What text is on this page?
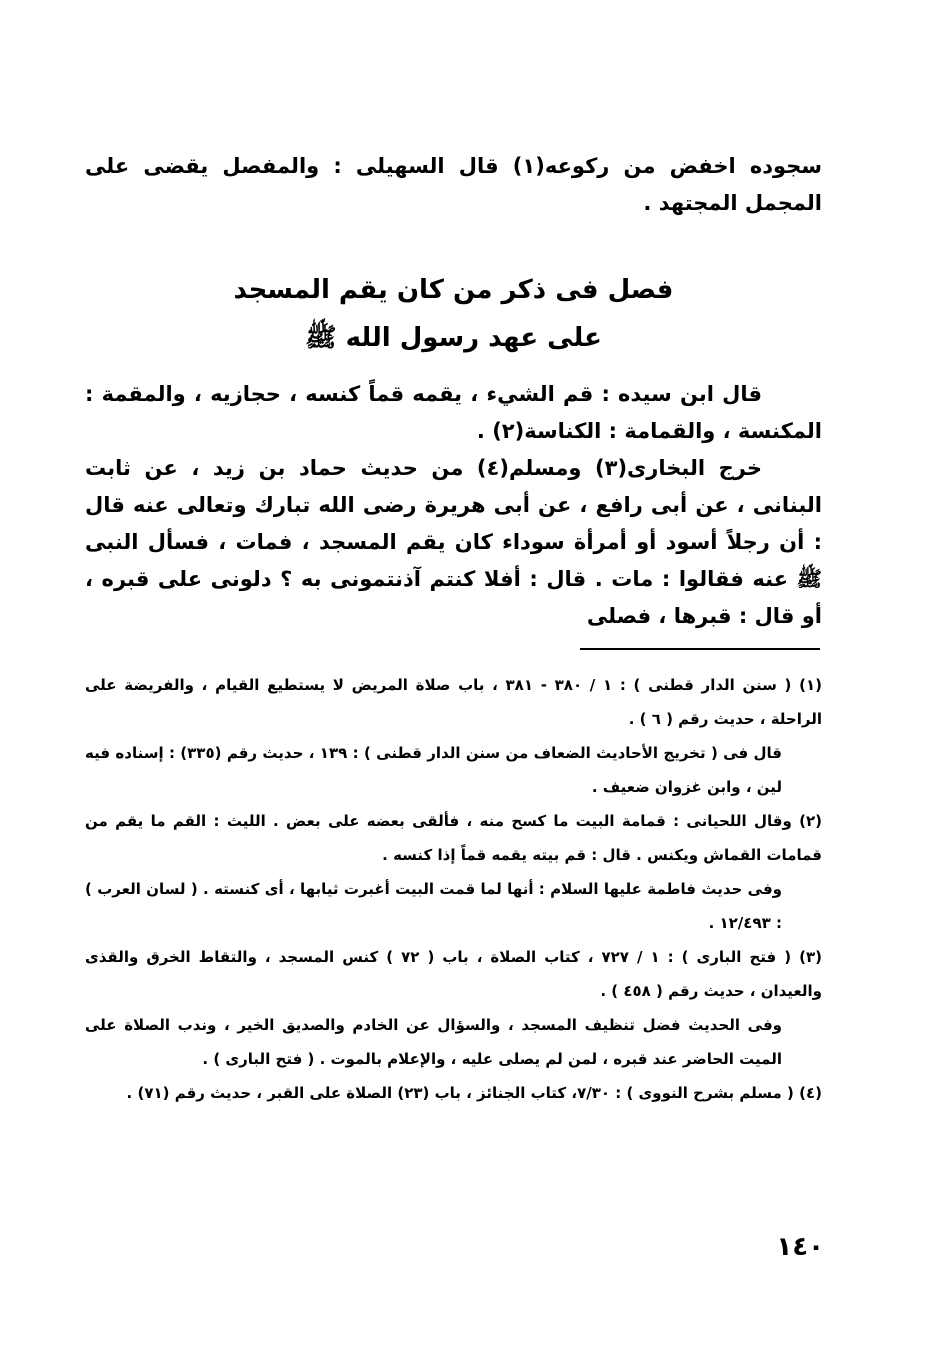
سجوده اخفض من ركوعه(١) قال السهيلى : والمفصل يقضى على المجمل المجتهد .

فصل فى ذكر من كان يقم المسجد
على عهد رسول الله ﷺ

قال ابن سيده : قم الشيء ، يقمه قماً كنسه ، حجازيه ، والمقمة : المكنسة ، والقمامة : الكناسة(٢) .

خرج البخارى(٣) ومسلم(٤) من حديث حماد بن زيد ، عن ثابت البنانى ، عن أبى رافع ، عن أبى هريرة رضى الله تبارك وتعالى عنه قال : أن رجلاً أسود أو أمرأة سوداء كان يقم المسجد ، فمات ، فسأل النبى ﷺ عنه فقالوا : مات . قال : أفلا كنتم آذنتمونى به ؟ دلونى على قبره ، أو قال : قبرها ، فصلى

(١) ( سنن الدار قطنى ) : ١ / ٣٨٠ - ٣٨١ ، باب صلاة المريض لا يستطيع القيام ، والفريضة على الراحلة ، حديث رقم ( ٦ ) .

قال فى ( تخريج الأحاديث الضعاف من سنن الدار قطنى ) : ١٣٩ ، حديث رقم (٣٣٥) : إسناده فيه لين ، وابن غزوان ضعيف .

(٢) وقال اللحيانى : قمامة البيت ما كسح منه ، فألقى بعضه على بعض . الليث : القم ما يقم من قمامات القماش ويكنس . قال : قم بيته يقمه قماً إذا كنسه .

وفى حديث فاطمة عليها السلام : أنها لما قمت البيت أغبرت ثيابها ، أى كنسته . ( لسان العرب ) : ١٢/٤٩٣ .

(٣) ( فتح البارى ) : ١ / ٧٢٧ ، كتاب الصلاة ، باب ( ٧٢ ) كنس المسجد ، والتقاط الخرق والقذى والعيدان ، حديث رقم ( ٤٥٨ ) .

وفى الحديث فضل تنظيف المسجد ، والسؤال عن الخادم والصديق الخير ، وندب الصلاة على الميت الحاضر عند قبره ، لمن لم يصلى عليه ، والإعلام بالموت . ( فتح البارى ) .

(٤) ( مسلم بشرح النووى ) : ٧/٣٠، كتاب الجنائز ، باب (٢٣) الصلاة على القبر ، حديث رقم (٧١) .

١٤٠
